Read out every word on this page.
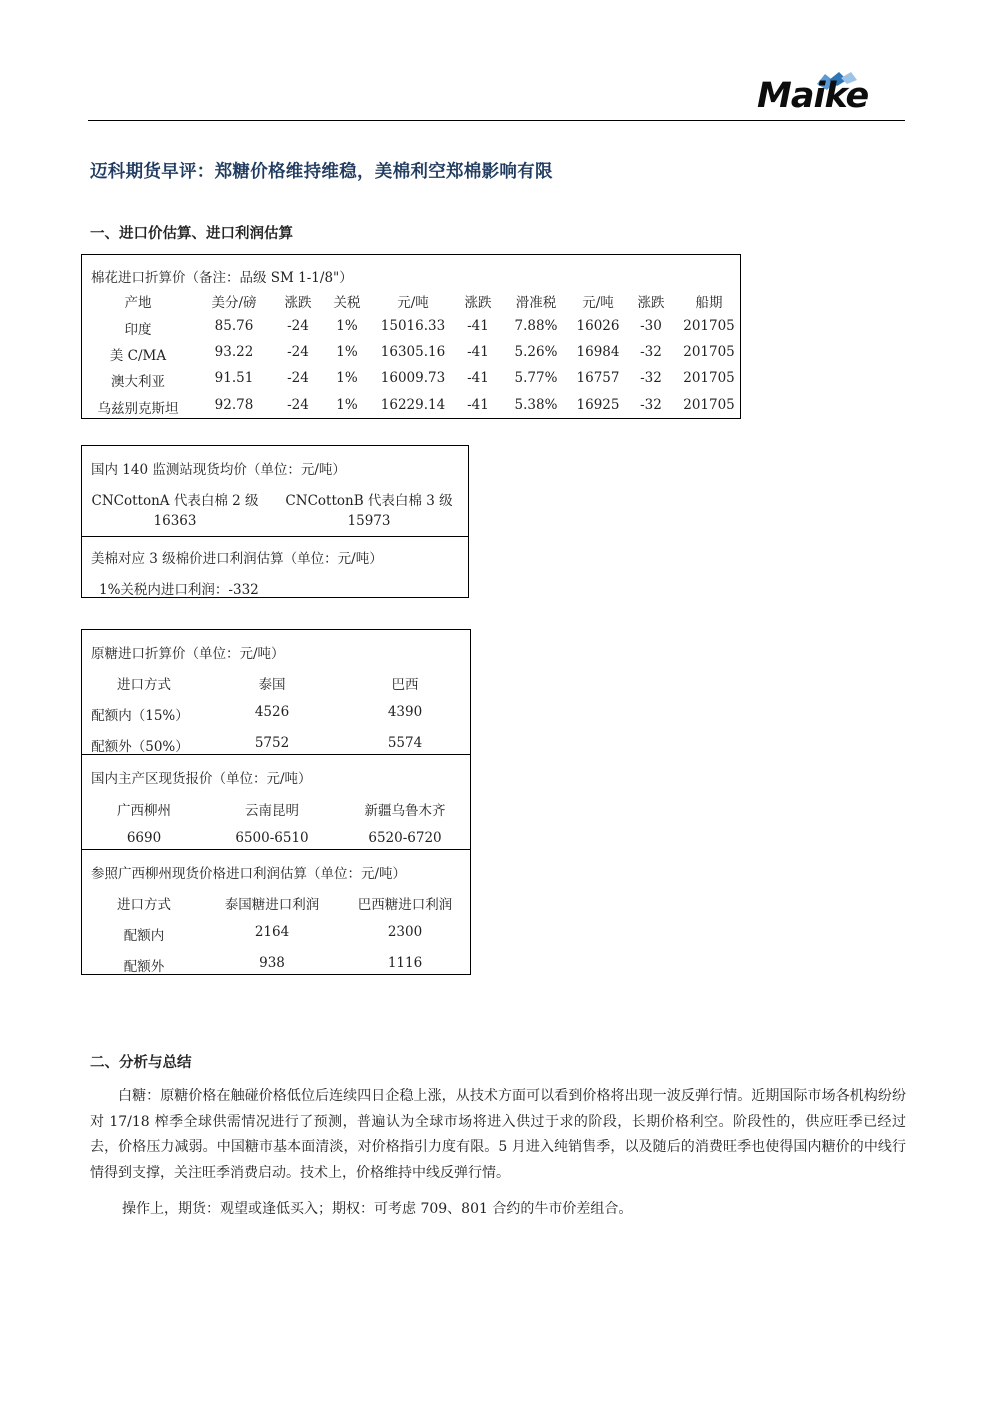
Maike
迈科期货早评：郑糖价格维持维稳，美棉利空郑棉影响有限
一、进口价估算、进口利润估算
棉花进口折算价（备注：品级 SM 1-1/8"）
产地	美分/磅 涨跌 关税	元/吨	涨跌 滑准税 元/吨 涨跌 船期
印度	85.76	-24 1% 15016.33 -41 7.88% 16026 -30 201705
美 C/MA	93.22	-24 1% 16305.16 -41 5.26% 16984 -32 201705
澳大利亚	91.51	-24 1% 16009.73 -41 5.77% 16757 -32 201705
乌兹别克斯坦	92.78	-24 1% 16229.14 -41 5.38% 16925 -32 201705
国内 140 监测站现货均价（单位：元/吨）
CNCottonA 代表白棉 2 级
16363
CNCottonB 代表白棉 3 级
15973
美棉对应 3 级棉价进口利润估算（单位：元/吨）
1%关税内进口利润：-332
原糖进口折算价（单位：元/吨）
进口方式	泰国	巴西
配额内（15%）	4526	4390
配额外（50%）	5752	5574
国内主产区现货报价（单位：元/吨）
广西柳州	云南昆明	新疆乌鲁木齐
6690	6500-6510	6520-6720
参照广西柳州现货价格进口利润估算（单位：元/吨）
进口方式	泰国糖进口利润	巴西糖进口利润
配额内	2164	2300
配额外	938	1116
二、分析与总结
白糖：原糖价格在触碰价格低位后连续四日企稳上涨，从技术方面可以看到价格将出现一波反弹行情。近期国际市场各机构纷纷对 17/18 榨季全球供需情况进行了预测，普遍认为全球市场将进入供过于求的阶段，长期价格利空。阶段性的，供应旺季已经过去，价格压力减弱。中国糖市基本面清淡，对价格指引力度有限。5 月进入纯销售季，以及随后的消费旺季也使得国内糖价的中线行情得到支撑，关注旺季消费启动。技术上，价格维持中线反弹行情。
操作上，期货：观望或逢低买入；期权：可考虑 709、801 合约的牛市价差组合。
